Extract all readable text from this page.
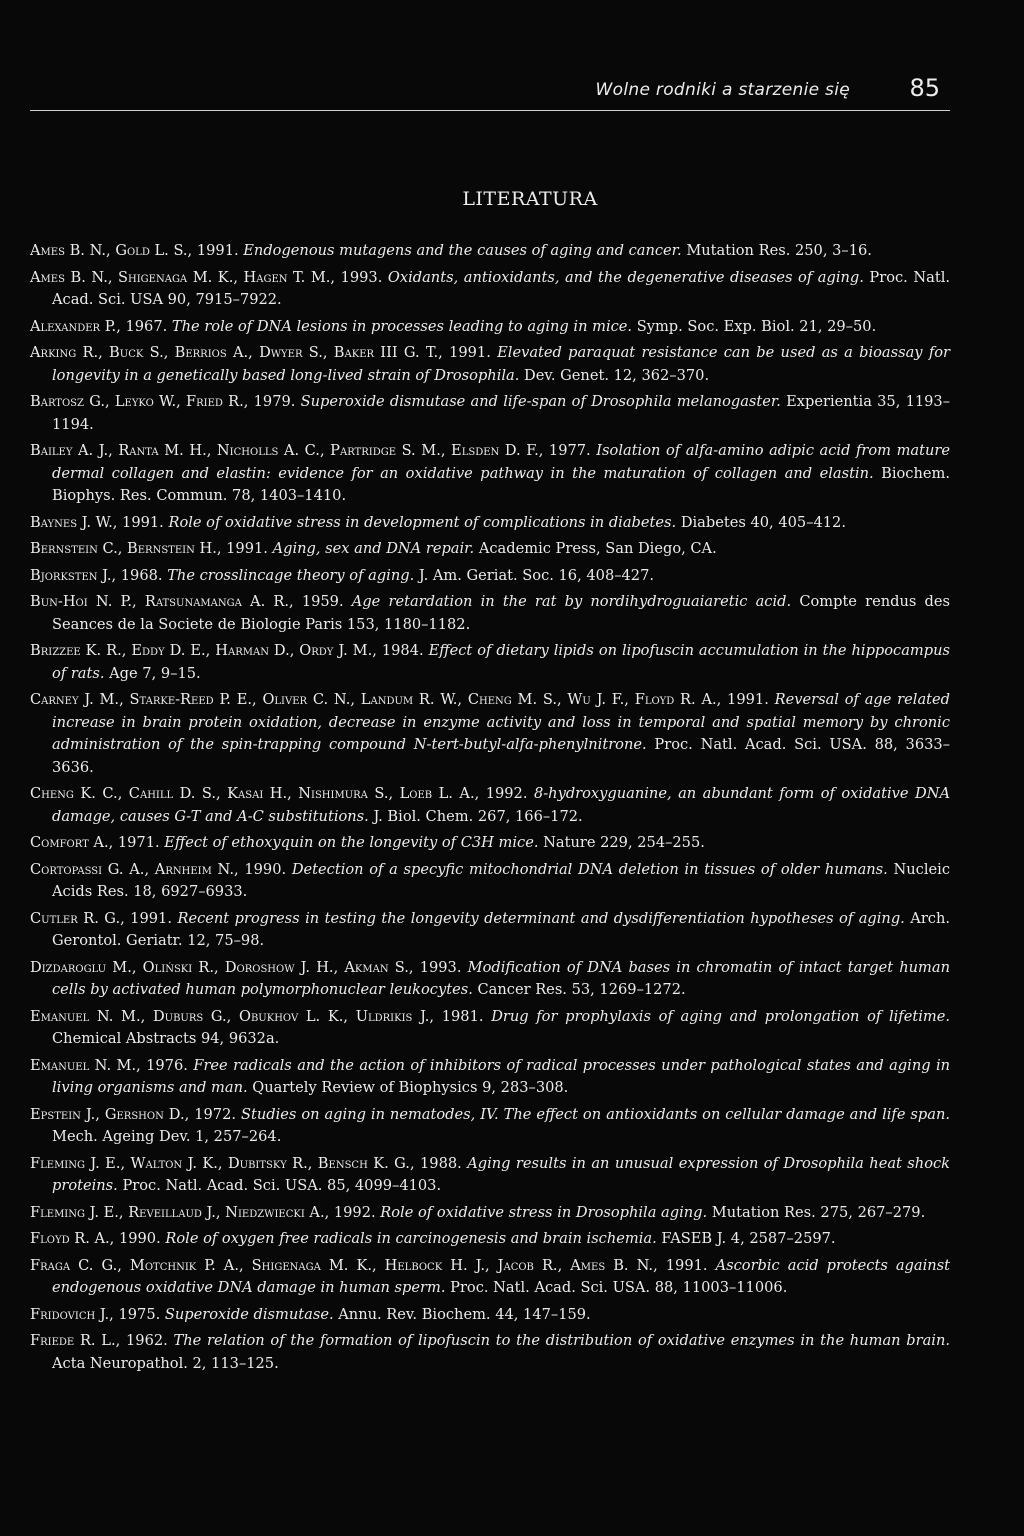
Wolne rodniki a starzenie się 85
LITERATURA

Ames B. N., Gold L. S., 1991. Endogenous mutagens and the causes of aging and cancer. Mutation Res. 250, 3–16.

Ames B. N., Shigenaga M. K., Hagen T. M., 1993. Oxidants, antioxidants, and the degenerative diseases of aging. Proc. Natl. Acad. Sci. USA 90, 7915–7922.

Alexander P., 1967. The role of DNA lesions in processes leading to aging in mice. Symp. Soc. Exp. Biol. 21, 29–50.

Arking R., Buck S., Berrios A., Dwyer S., Baker III G. T., 1991. Elevated paraquat resistance can be used as a bioassay for longevity in a genetically based long-lived strain of Drosophila. Dev. Genet. 12, 362–370.

Bartosz G., Leyko W., Fried R., 1979. Superoxide dismutase and life-span of Drosophila melanogaster. Experientia 35, 1193–1194.

Bailey A. J., Ranta M. H., Nicholls A. C., Partridge S. M., Elsden D. F., 1977. Isolation of alfa-amino adipic acid from mature dermal collagen and elastin: evidence for an oxidative pathway in the maturation of collagen and elastin. Biochem. Biophys. Res. Commun. 78, 1403–1410.

Baynes J. W., 1991. Role of oxidative stress in development of complications in diabetes. Diabetes 40, 405–412.

Bernstein C., Bernstein H., 1991. Aging, sex and DNA repair. Academic Press, San Diego, CA.

Bjorksten J., 1968. The crosslincage theory of aging. J. Am. Geriat. Soc. 16, 408–427.

Bun-Hoi N. P., Ratsunamanga A. R., 1959. Age retardation in the rat by nordihydroguaiaretic acid. Compte rendus des Seances de la Societe de Biologie Paris 153, 1180–1182.

Brizzee K. R., Eddy D. E., Harman D., Ordy J. M., 1984. Effect of dietary lipids on lipofuscin accumulation in the hippocampus of rats. Age 7, 9–15.

Carney J. M., Starke-Reed P. E., Oliver C. N., Landum R. W., Cheng M. S., Wu J. F., Floyd R. A., 1991. Reversal of age related increase in brain protein oxidation, decrease in enzyme activity and loss in temporal and spatial memory by chronic administration of the spin-trapping compound N-tert-butyl-alfa-phenylnitrone. Proc. Natl. Acad. Sci. USA. 88, 3633–3636.

Cheng K. C., Cahill D. S., Kasai H., Nishimura S., Loeb L. A., 1992. 8-hydroxyguanine, an abundant form of oxidative DNA damage, causes G-T and A-C substitutions. J. Biol. Chem. 267, 166–172.

Comfort A., 1971. Effect of ethoxyquin on the longevity of C3H mice. Nature 229, 254–255.

Cortopassi G. A., Arnheim N., 1990. Detection of a specyfic mitochondrial DNA deletion in tissues of older humans. Nucleic Acids Res. 18, 6927–6933.

Cutler R. G., 1991. Recent progress in testing the longevity determinant and dysdifferentiation hypotheses of aging. Arch. Gerontol. Geriatr. 12, 75–98.

Dizdaroglu M., Oliński R., Doroshow J. H., Akman S., 1993. Modification of DNA bases in chromatin of intact target human cells by activated human polymorphonuclear leukocytes. Cancer Res. 53, 1269–1272.

Emanuel N. M., Duburs G., Obukhov L. K., Uldrikis J., 1981. Drug for prophylaxis of aging and prolongation of lifetime. Chemical Abstracts 94, 9632a.

Emanuel N. M., 1976. Free radicals and the action of inhibitors of radical processes under pathological states and aging in living organisms and man. Quartely Review of Biophysics 9, 283–308.

Epstein J., Gershon D., 1972. Studies on aging in nematodes, IV. The effect on antioxidants on cellular damage and life span. Mech. Ageing Dev. 1, 257–264.

Fleming J. E., Walton J. K., Dubitsky R., Bensch K. G., 1988. Aging results in an unusual expression of Drosophila heat shock proteins. Proc. Natl. Acad. Sci. USA. 85, 4099–4103.

Fleming J. E., Reveillaud J., Niedzwiecki A., 1992. Role of oxidative stress in Drosophila aging. Mutation Res. 275, 267–279.

Floyd R. A., 1990. Role of oxygen free radicals in carcinogenesis and brain ischemia. FASEB J. 4, 2587–2597.

Fraga C. G., Motchnik P. A., Shigenaga M. K., Helbock H. J., Jacob R., Ames B. N., 1991. Ascorbic acid protects against endogenous oxidative DNA damage in human sperm. Proc. Natl. Acad. Sci. USA. 88, 11003–11006.

Fridovich J., 1975. Superoxide dismutase. Annu. Rev. Biochem. 44, 147–159.

Friede R. L., 1962. The relation of the formation of lipofuscin to the distribution of oxidative enzymes in the human brain. Acta Neuropathol. 2, 113–125.
